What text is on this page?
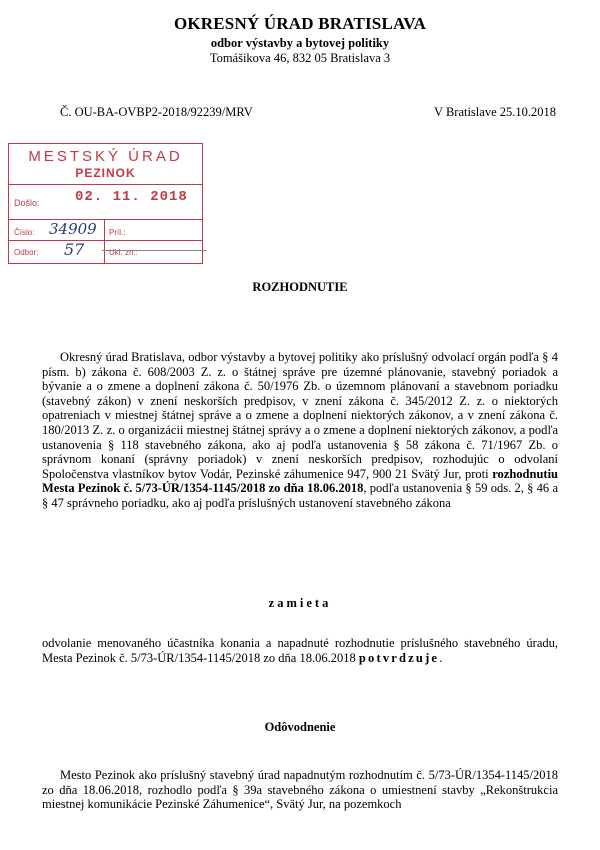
OKRESNÝ ÚRAD BRATISLAVA
odbor výstavby a bytovej politiky
Tomášikova 46, 832 05 Bratislava 3
Č. OU-BA-OVBP2-2018/92239/MRV	V Bratislave 25.10.2018
MESTSKÝ ÚRAD
PEZINOK
Došlo:	02. 11. 2018
Číslo: 34909 Príl.:
Odbor: 57	Ukl. zn.:
ROZHODNUTIE
Okresný úrad Bratislava, odbor výstavby a bytovej politiky ako príslušný odvolací orgán podľa § 4 písm. b) zákona č. 608/2003 Z. z. o štátnej správe pre územné plánovanie, stavebný poriadok a bývanie a o zmene a doplnení zákona č. 50/1976 Zb. o územnom plánovaní a stavebnom poriadku (stavebný zákon) v znení neskorších predpisov, v znení zákona č. 345/2012 Z. z. o niektorých opatreniach v miestnej štátnej správe a o zmene a doplnení niektorých zákonov, a v znení zákona č. 180/2013 Z. z. o organizácii miestnej štátnej správy a o zmene a doplnení niektorých zákonov, a podľa ustanovenia § 118 stavebného zákona, ako aj podľa ustanovenia § 58 zákona č. 71/1967 Zb. o správnom konaní (správny poriadok) v znení neskorších predpisov, rozhodujúc o odvolaní Spoločenstva vlastníkov bytov Vodár, Pezinské záhumenice 947, 900 21 Svätý Jur, proti rozhodnutiu Mesta Pezinok č. 5/73-ÚR/1354-1145/2018 zo dňa 18.06.2018, podľa ustanovenia § 59 ods. 2, § 46 a § 47 správneho poriadku, ako aj podľa príslušných ustanovení stavebného zákona
zamieta
odvolanie menovaného účastníka konania a napadnuté rozhodnutie príslušného stavebného úradu, Mesta Pezinok č. 5/73-ÚR/1354-1145/2018 zo dňa 18.06.2018 potvrdzuje.
Odôvodnenie
Mesto Pezinok ako príslušný stavebný úrad napadnutým rozhodnutím č. 5/73-ÚR/1354-1145/2018 zo dňa 18.06.2018, rozhodlo podľa § 39a stavebného zákona o umiestnení stavby „Rekonštrukcia miestnej komunikácie Pezinské Záhumenice“, Svätý Jur, na pozemkoch
